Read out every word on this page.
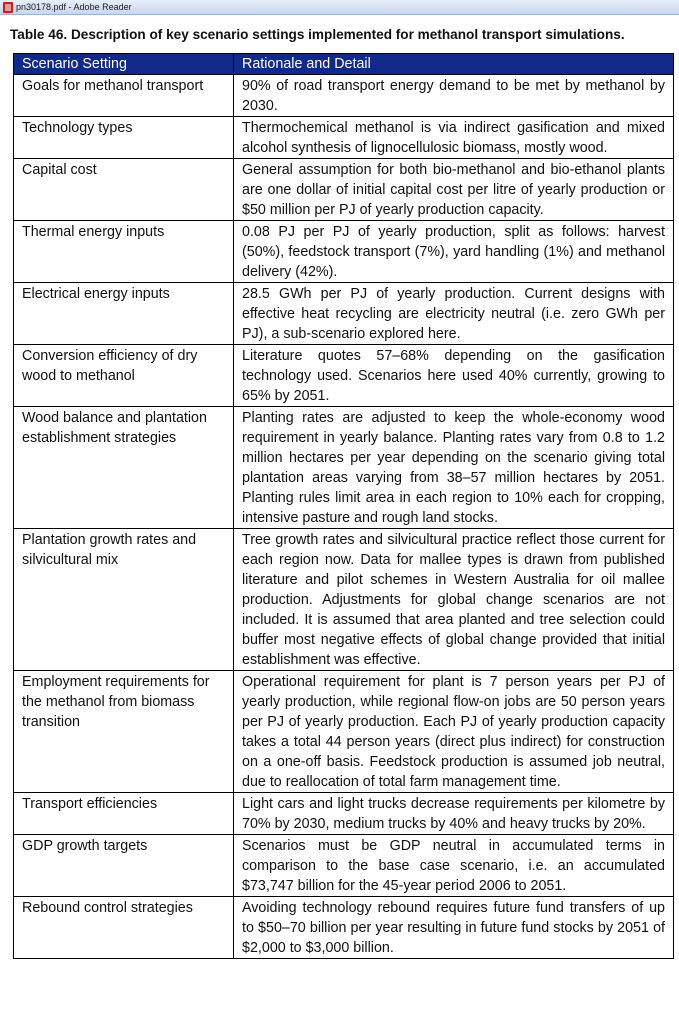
pn30178.pdf - Adobe Reader
Table 46. Description of key scenario settings implemented for methanol transport simulations.
Scenario Setting	Rationale and Detail
Goals for methanol transport	90% of road transport energy demand to be met by methanol by 2030.
Technology types	Thermochemical methanol is via indirect gasification and mixed alcohol synthesis of lignocellulosic biomass, mostly wood.
Capital cost	General assumption for both bio-methanol and bio-ethanol plants are one dollar of initial capital cost per litre of yearly production or $50 million per PJ of yearly production capacity.
Thermal energy inputs	0.08 PJ per PJ of yearly production, split as follows: harvest (50%), feedstock transport (7%), yard handling (1%) and methanol delivery (42%).
Electrical energy inputs	28.5 GWh per PJ of yearly production. Current designs with effective heat recycling are electricity neutral (i.e. zero GWh per PJ), a sub-scenario explored here.
Conversion efficiency of dry wood to methanol	Literature quotes 57–68% depending on the gasification technology used. Scenarios here used 40% currently, growing to 65% by 2051.
Wood balance and plantation establishment strategies	Planting rates are adjusted to keep the whole-economy wood requirement in yearly balance. Planting rates vary from 0.8 to 1.2 million hectares per year depending on the scenario giving total plantation areas varying from 38–57 million hectares by 2051. Planting rules limit area in each region to 10% each for cropping, intensive pasture and rough land stocks.
Plantation growth rates and silvicultural mix	Tree growth rates and silvicultural practice reflect those current for each region now. Data for mallee types is drawn from published literature and pilot schemes in Western Australia for oil mallee production. Adjustments for global change scenarios are not included. It is assumed that area planted and tree selection could buffer most negative effects of global change provided that initial establishment was effective.
Employment requirements for the methanol from biomass transition	Operational requirement for plant is 7 person years per PJ of yearly production, while regional flow-on jobs are 50 person years per PJ of yearly production. Each PJ of yearly production capacity takes a total 44 person years (direct plus indirect) for construction on a one-off basis. Feedstock production is assumed job neutral, due to reallocation of total farm management time.
Transport efficiencies	Light cars and light trucks decrease requirements per kilometre by 70% by 2030, medium trucks by 40% and heavy trucks by 20%.
GDP growth targets	Scenarios must be GDP neutral in accumulated terms in comparison to the base case scenario, i.e. an accumulated $73,747 billion for the 45-year period 2006 to 2051.
Rebound control strategies	Avoiding technology rebound requires future fund transfers of up to $50–70 billion per year resulting in future fund stocks by 2051 of $2,000 to $3,000 billion.
